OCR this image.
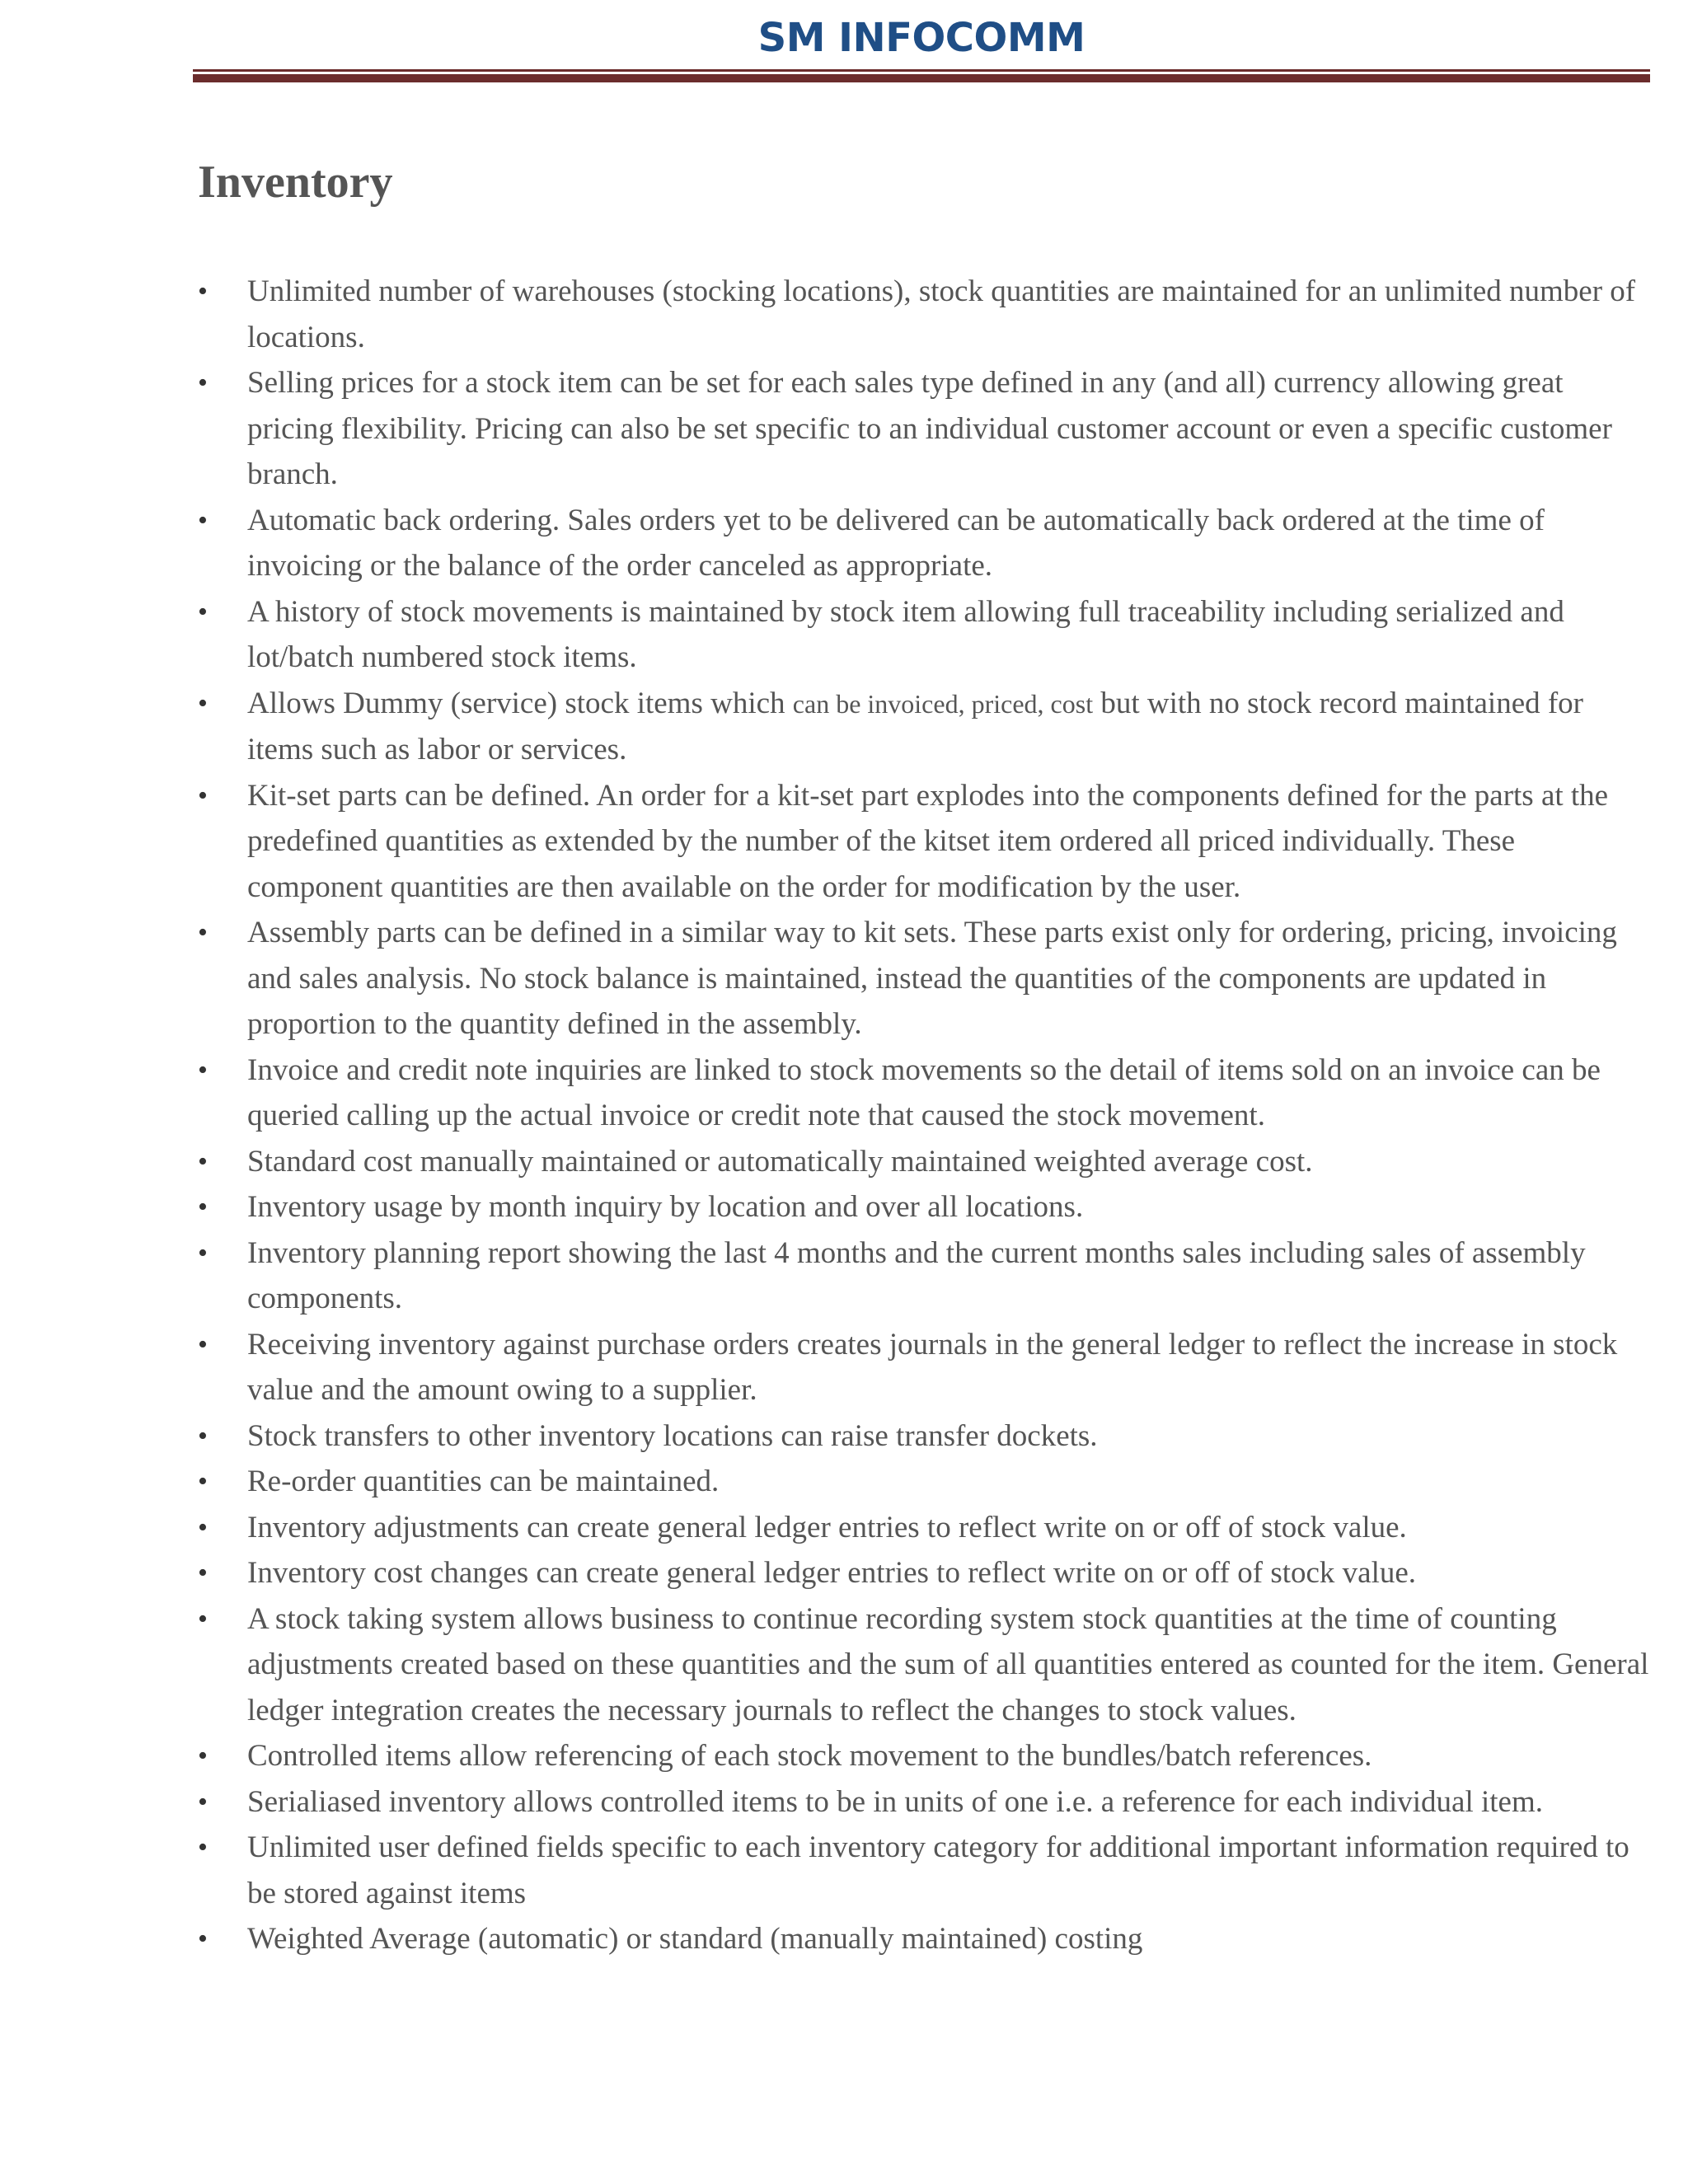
SM INFOCOMM
Inventory
•	Unlimited number of warehouses (stocking locations), stock quantities are maintained for an unlimited number of locations.
•	Selling prices for a stock item can be set for each sales type defined in any (and all) currency allowing great pricing flexibility. Pricing can also be set specific to an individual customer account or even a specific customer branch.
•	Automatic back ordering. Sales orders yet to be delivered can be automatically back ordered at the time of invoicing or the balance of the order canceled as appropriate.
•	A history of stock movements is maintained by stock item allowing full traceability including serialized and lot/batch numbered stock items.
•	Allows Dummy (service) stock items which can be invoiced, priced, cost but with no stock record maintained for items such as labor or services.
•	Kit-set parts can be defined. An order for a kit-set part explodes into the components defined for the parts at the predefined quantities as extended by the number of the kitset item ordered all priced individually. These component quantities are then available on the order for modification by the user.
•	Assembly parts can be defined in a similar way to kit sets. These parts exist only for ordering, pricing, invoicing and sales analysis. No stock balance is maintained, instead the quantities of the components are updated in proportion to the quantity defined in the assembly.
•	Invoice and credit note inquiries are linked to stock movements so the detail of items sold on an invoice can be queried calling up the actual invoice or credit note that caused the stock movement.
•	Standard cost manually maintained or automatically maintained weighted average cost.
•	Inventory usage by month inquiry by location and over all locations.
•	Inventory planning report showing the last 4 months and the current months sales including sales of assembly components.
•	Receiving inventory against purchase orders creates journals in the general ledger to reflect the increase in stock value and the amount owing to a supplier.
•	Stock transfers to other inventory locations can raise transfer dockets.
•	Re-order quantities can be maintained.
•	Inventory adjustments can create general ledger entries to reflect write on or off of stock value.
•	Inventory cost changes can create general ledger entries to reflect write on or off of stock value.
•	A stock taking system allows business to continue recording system stock quantities at the time of counting adjustments created based on these quantities and the sum of all quantities entered as counted for the item. General ledger integration creates the necessary journals to reflect the changes to stock values.
•	Controlled items allow referencing of each stock movement to the bundles/batch references.
•	Serialiased inventory allows controlled items to be in units of one i.e. a reference for each individual item.
•	Unlimited user defined fields specific to each inventory category for additional important information required to be stored against items
•	Weighted Average (automatic) or standard (manually maintained) costing
